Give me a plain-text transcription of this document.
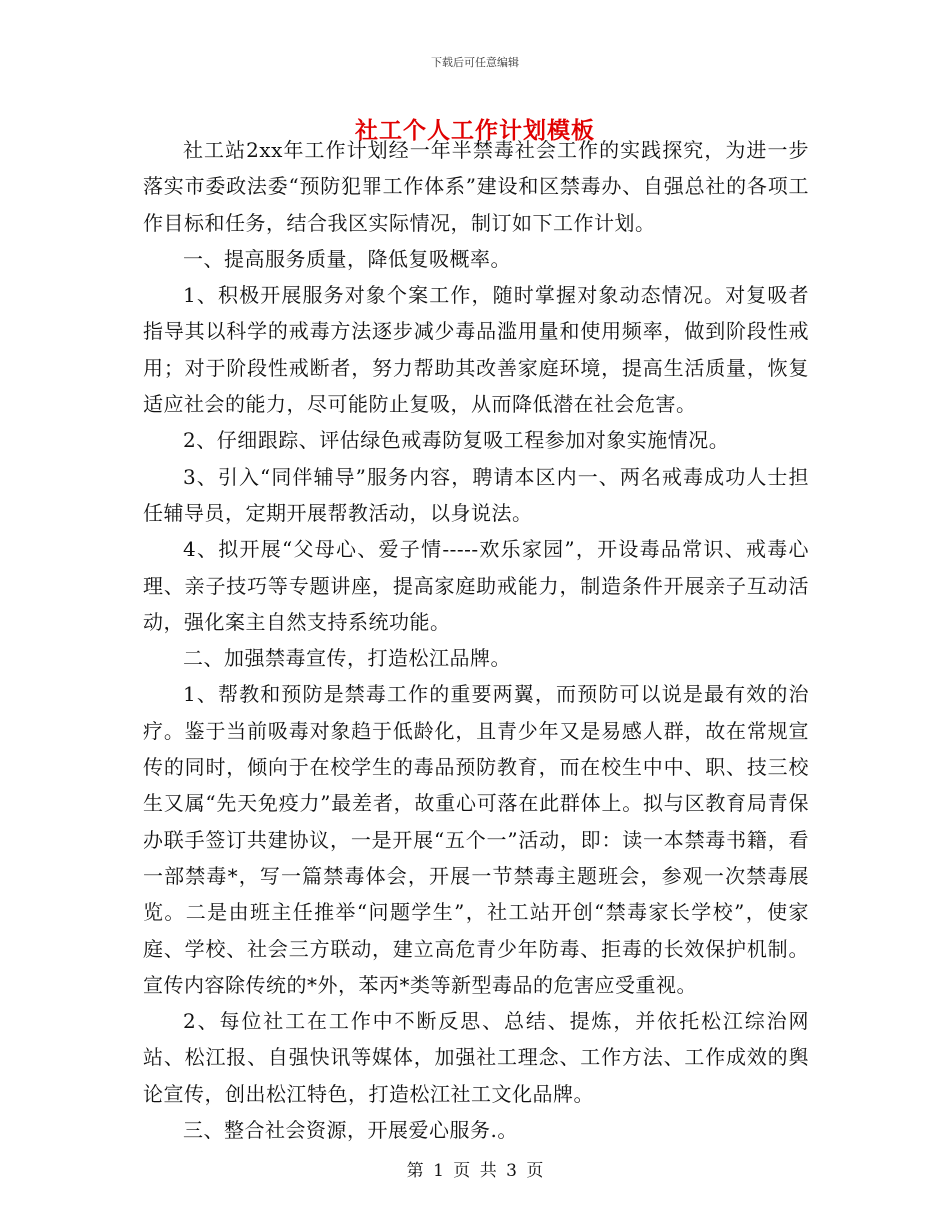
下载后可任意编辑
社工个人工作计划模板

社工站2xx年工作计划经一年半禁毒社会工作的实践探究，为进一步落实市委政法委“预防犯罪工作体系”建设和区禁毒办、自强总社的各项工作目标和任务，结合我区实际情况，制订如下工作计划。

一、提高服务质量，降低复吸概率。

1、积极开展服务对象个案工作，随时掌握对象动态情况。对复吸者指导其以科学的戒毒方法逐步减少毒品滥用量和使用频率，做到阶段性戒用；对于阶段性戒断者，努力帮助其改善家庭环境，提高生活质量，恢复适应社会的能力，尽可能防止复吸，从而降低潜在社会危害。

2、仔细跟踪、评估绿色戒毒防复吸工程参加对象实施情况。

3、引入“同伴辅导”服务内容，聘请本区内一、两名戒毒成功人士担任辅导员，定期开展帮教活动，以身说法。

4、拟开展“父母心、爱子情-----欢乐家园”，开设毒品常识、戒毒心理、亲子技巧等专题讲座，提高家庭助戒能力，制造条件开展亲子互动活动，强化案主自然支持系统功能。

二、加强禁毒宣传，打造松江品牌。

1、帮教和预防是禁毒工作的重要两翼，而预防可以说是最有效的治疗。鉴于当前吸毒对象趋于低龄化，且青少年又是易感人群，故在常规宣传的同时，倾向于在校学生的毒品预防教育，而在校生中中、职、技三校生又属“先天免疫力”最差者，故重心可落在此群体上。拟与区教育局青保办联手签订共建协议，一是开展“五个一”活动，即：读一本禁毒书籍，看一部禁毒*，写一篇禁毒体会，开展一节禁毒主题班会，参观一次禁毒展览。二是由班主任推举“问题学生”，社工站开创“禁毒家长学校”，使家庭、学校、社会三方联动，建立高危青少年防毒、拒毒的长效保护机制。宣传内容除传统的*外，苯丙*类等新型毒品的危害应受重视。

2、每位社工在工作中不断反思、总结、提炼，并依托松江综治网站、松江报、自强快讯等媒体，加强社工理念、工作方法、工作成效的舆论宣传，创出松江特色，打造松江社工文化品牌。

三、整合社会资源，开展爱心服务.。

第 1 页 共 3 页
